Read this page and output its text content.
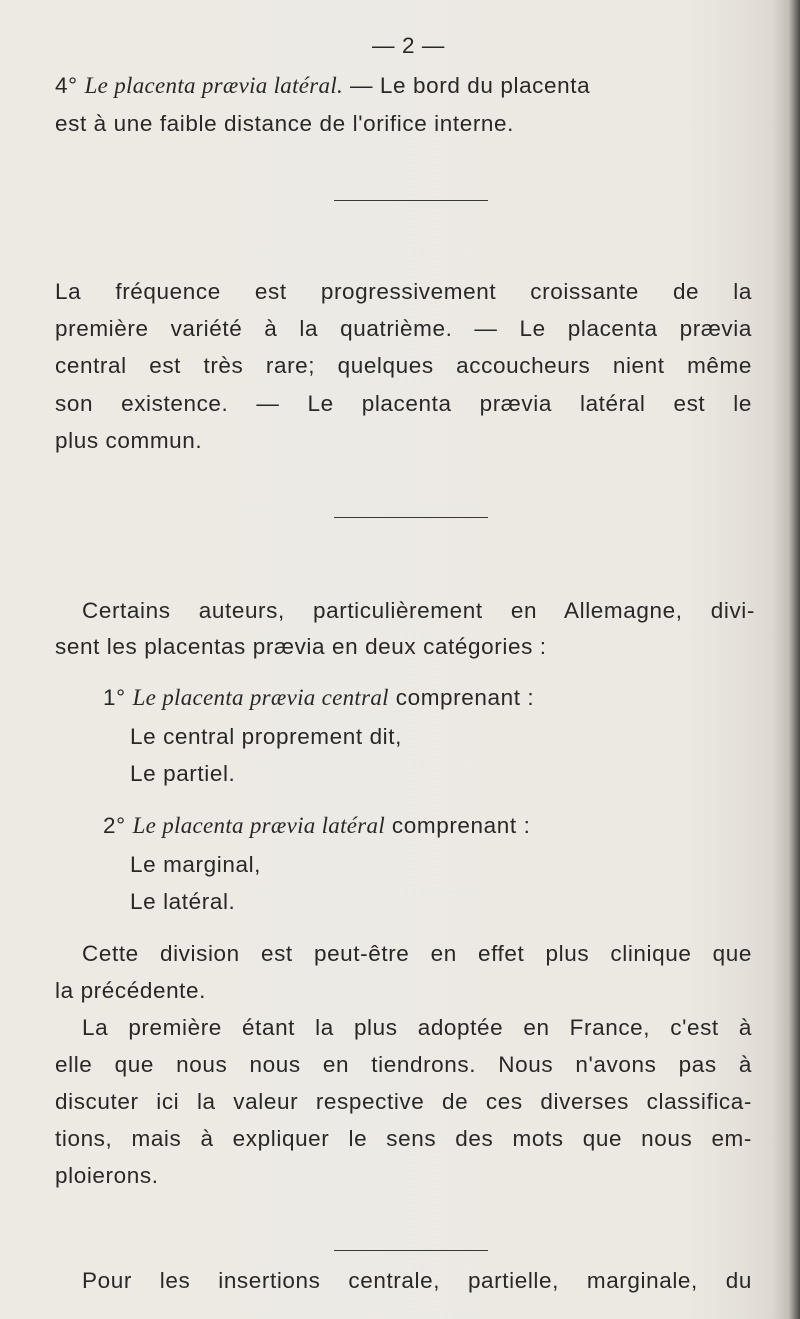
— 2 —
4° Le placenta prævia latéral. — Le bord du placenta
est à une faible distance de l'orifice interne.
La fréquence est progressivement croissante de la
première variété à la quatrième. — Le placenta prævia
central est très rare; quelques accoucheurs nient même
son existence. — Le placenta prævia latéral est le
plus commun.
Certains auteurs, particulièrement en Allemagne, divi-
sent les placentas prævia en deux catégories :
1° Le placenta prævia central comprenant :
Le central proprement dit,
Le partiel.
2° Le placenta prævia latéral comprenant :
Le marginal,
Le latéral.
Cette division est peut-être en effet plus clinique que
la précédente.
La première étant la plus adoptée en France, c'est à
elle que nous nous en tiendrons. Nous n'avons pas à
discuter ici la valeur respective de ces diverses classifica-
tions, mais à expliquer le sens des mots que nous em-
ploierons.
Pour les insertions centrale, partielle, marginale, du
